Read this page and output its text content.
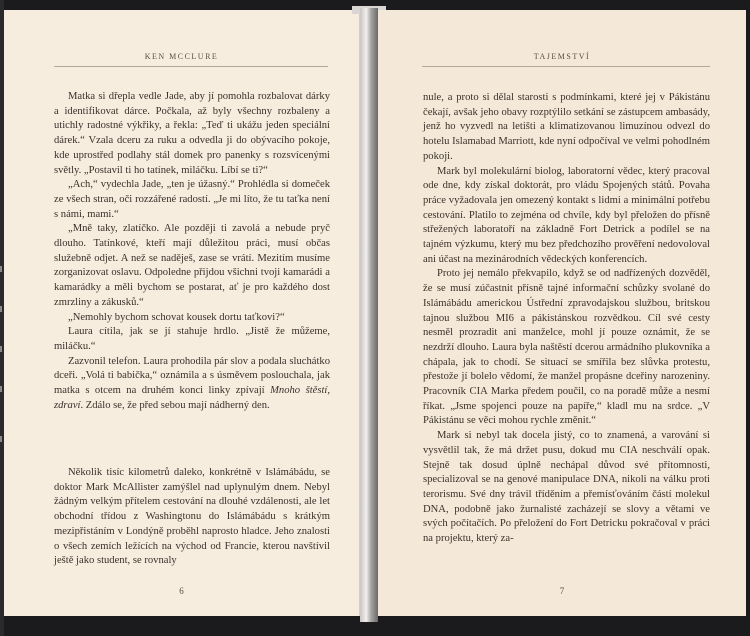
KEN MCCLURE

Matka si dřepla vedle Jade, aby jí pomohla rozbalovat dárky a identifikovat dárce. Počkala, až byly všechny rozbaleny a utichly radostné výkřiky, a řekla: „Teď ti ukážu jeden speciální dárek.“ Vzala dceru za ruku a odvedla ji do obývacího pokoje, kde uprostřed podlahy stál domek pro panenky s rozsvícenými světly. „Postavil ti ho tatínek, miláčku. Líbí se ti?“

„Ach,“ vydechla Jade, „ten je úžasný.“ Prohlédla si domeček ze všech stran, oči rozzářené radostí. „Je mi líto, že tu taťka není s námi, mami.“

„Mně taky, zlatíčko. Ale později ti zavolá a nebude pryč dlouho. Tatínkové, kteří mají důležitou práci, musí občas služebně odjet. A než se naděješ, zase se vrátí. Mezitím musíme zorganizovat oslavu. Odpoledne přijdou všichni tvoji kamarádi a kamarádky a měli bychom se postarat, ať je pro každého dost zmrzliny a zákusků.“

„Nemohly bychom schovat kousek dortu taťkovi?“

Laura cítila, jak se jí stahuje hrdlo. „Jistě že můžeme, miláčku.“

Zazvonil telefon. Laura prohodila pár slov a podala sluchátko dceři. „Volá ti babička,“ oznámila a s úsměvem poslouchala, jak matka s otcem na druhém konci linky zpívají Mnoho štěstí, zdraví. Zdálo se, že před sebou mají nádherný den.

Několik tisíc kilometrů daleko, konkrétně v Islámábádu, se doktor Mark McAllister zamýšlel nad uplynulým dnem. Nebyl žádným velkým přítelem cestování na dlouhé vzdálenosti, ale let obchodní třídou z Washingtonu do Islámábádu s krátkým mezipřistáním v Londýně proběhl naprosto hladce. Jeho znalosti o všech zemích ležících na východ od Francie, kterou navštívil ještě jako student, se rovnaly

6
TAJEMSTVÍ

nule, a proto si dělal starosti s podmínkami, které jej v Pákistánu čekají, avšak jeho obavy rozptýlilo setkání se zástupcem ambasády, jenž ho vyzvedl na letišti a klimatizovanou limuzínou odvezl do hotelu Islamabad Marriott, kde nyní odpočíval ve velmi pohodlném pokoji.

Mark byl molekulární biolog, laboratorní vědec, který pracoval ode dne, kdy získal doktorát, pro vládu Spojených států. Povaha práce vyžadovala jen omezený kontakt s lidmi a minimální potřebu cestování. Platilo to zejména od chvíle, kdy byl přeložen do přísně střežených laboratoří na základně Fort Detrick a podílel se na tajném výzkumu, který mu bez předchozího prověření nedovoloval ani účast na mezinárodních vědeckých konferencích.

Proto jej nemálo překvapilo, když se od nadřízených dozvěděl, že se musí zúčastnit přísně tajné informační schůzky svolané do Islámábádu americkou Ústřední zpravodajskou službou, britskou tajnou službou MI6 a pákistánskou rozvědkou. Cíl své cesty nesměl prozradit ani manželce, mohl jí pouze oznámit, že se nezdrží dlouho. Laura byla naštěstí dcerou armádního plukovníka a chápala, jak to chodí. Se situací se smířila bez slůvka protestu, přestože jí bolelo vědomí, že manžel propásne dceřiny narozeniny. Pracovník CIA Marka předem poučil, co na poradě může a nesmí říkat. „Jsme spojenci pouze na papíře,“ kladl mu na srdce. „V Pákistánu se věci mohou rychle změnit.“

Mark si nebyl tak docela jistý, co to znamená, a varování si vysvětlil tak, že má držet pusu, dokud mu CIA neschválí opak. Stejně tak dosud úplně nechápal důvod své přítomnosti, specializoval se na genové manipulace DNA, nikoli na válku proti terorismu. Své dny trávil tříděním a přemísťováním částí molekul DNA, podobně jako žurnalisté zacházejí se slovy a větami ve svých počítačích. Po přeložení do Fort Detricku pokračoval v práci na projektu, který za-

7
